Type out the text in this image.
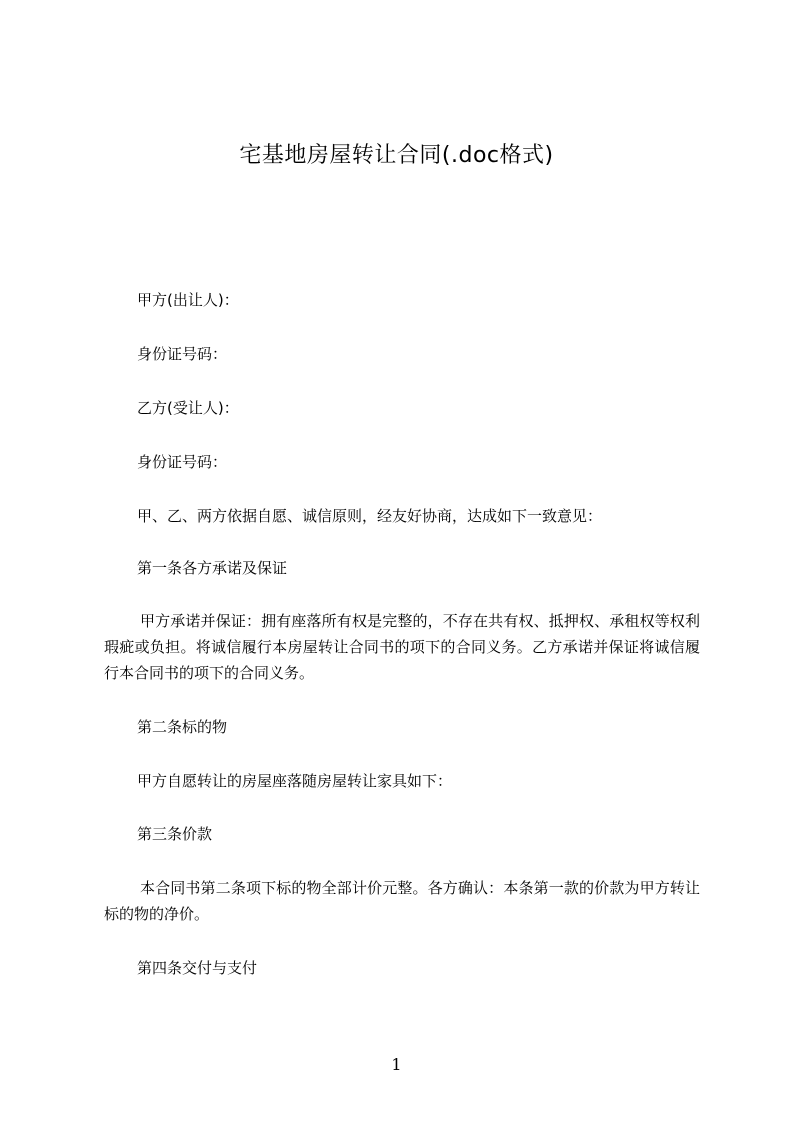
宅基地房屋转让合同(.doc格式)

甲方(出让人)：

身份证号码：

乙方(受让人)：

身份证号码：

甲、乙、两方依据自愿、诚信原则，经友好协商，达成如下一致意见：

第一条各方承诺及保证

甲方承诺并保证：拥有座落所有权是完整的，不存在共有权、抵押权、承租权等权利瑕疵或负担。将诚信履行本房屋转让合同书的项下的合同义务。乙方承诺并保证将诚信履行本合同书的项下的合同义务。

第二条标的物

甲方自愿转让的房屋座落随房屋转让家具如下：

第三条价款

本合同书第二条项下标的物全部计价元整。各方确认：本条第一款的价款为甲方转让标的物的净价。

第四条交付与支付

1
